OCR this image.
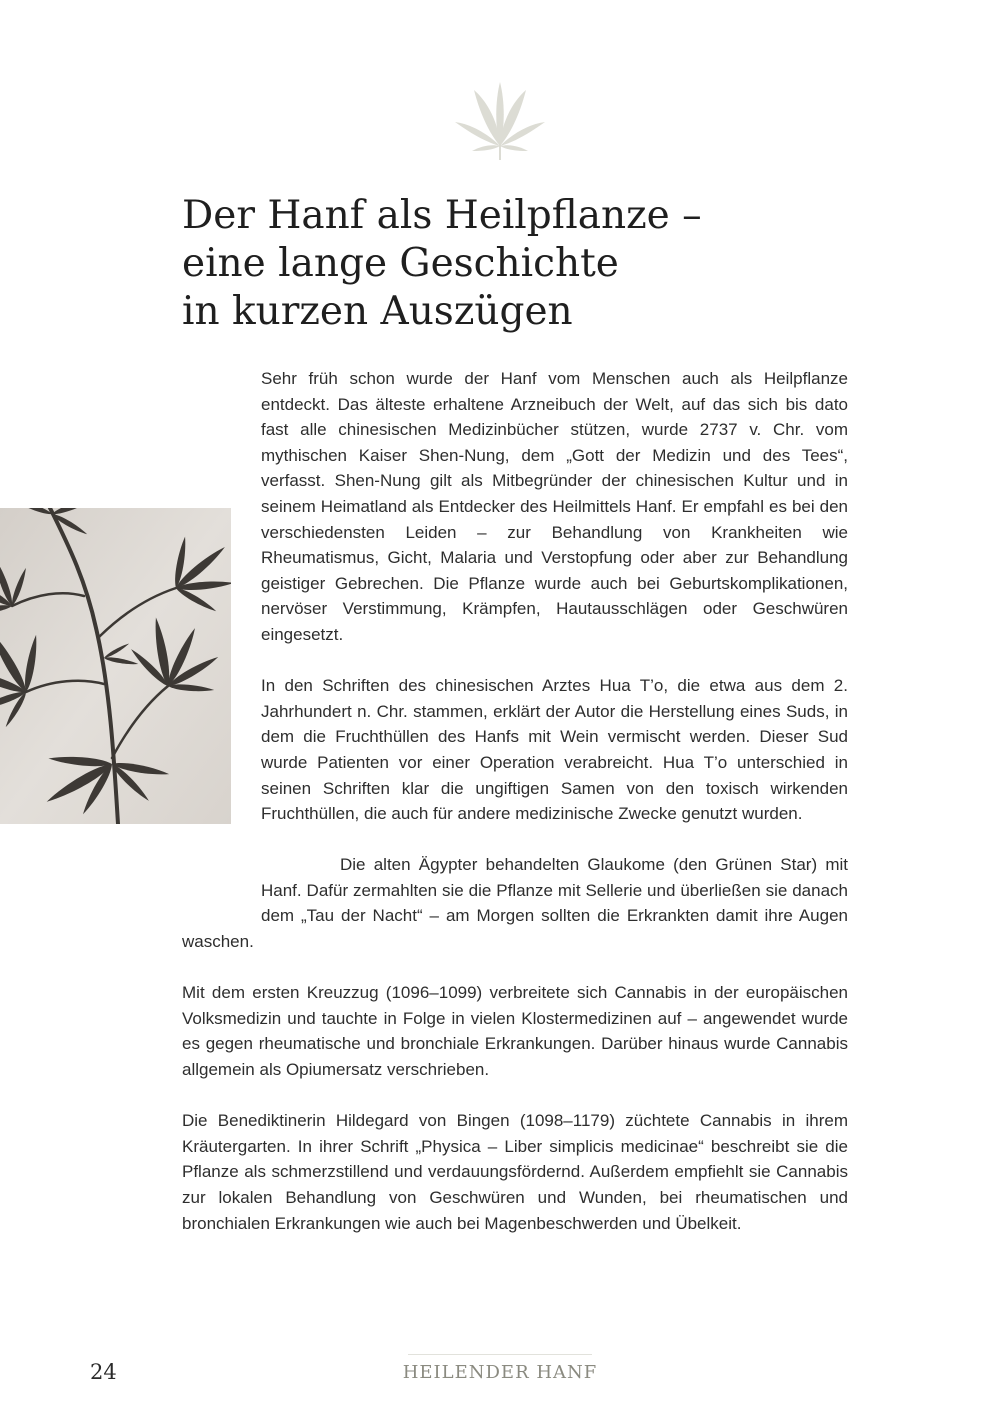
Der Hanf als Heilpflanze –
eine lange Geschichte
in kurzen Auszügen

Sehr früh schon wurde der Hanf vom Menschen auch als Heilpflanze entdeckt. Das älteste erhaltene Arzneibuch der Welt, auf das sich bis dato fast alle chinesischen Medizinbücher stützen, wurde 2737 v. Chr. vom mythischen Kaiser Shen-Nung, dem „Gott der Medizin und des Tees“, verfasst. Shen-Nung gilt als Mitbegründer der chinesischen Kultur und in seinem Heimatland als Entdecker des Heilmittels Hanf. Er empfahl es bei den verschiedensten Leiden – zur Behandlung von Krankheiten wie Rheumatismus, Gicht, Malaria und Verstopfung oder aber zur Behandlung geistiger Gebrechen. Die Pflanze wurde auch bei Geburtskomplikationen, nervöser Verstimmung, Krämpfen, Hautausschlägen oder Geschwüren eingesetzt.

In den Schriften des chinesischen Arztes Hua T’o, die etwa aus dem 2. Jahrhundert n. Chr. stammen, erklärt der Autor die Herstellung eines Suds, in dem die Fruchthüllen des Hanfs mit Wein vermischt werden. Dieser Sud wurde Patienten vor einer Operation verabreicht. Hua T’o unterschied in seinen Schriften klar die ungiftigen Samen von den toxisch wirkenden Fruchthüllen, die auch für andere medizinische Zwecke genutzt wurden.

Die alten Ägypter behandelten Glaukome (den Grünen Star) mit Hanf. Dafür zermahlten sie die Pflanze mit Sellerie und überließen sie danach dem „Tau der Nacht“ – am Morgen sollten die Erkrankten damit ihre Augen waschen.

Mit dem ersten Kreuzzug (1096–1099) verbreitete sich Cannabis in der europäischen Volksmedizin und tauchte in Folge in vielen Klostermedizinen auf – angewendet wurde es gegen rheumatische und bronchiale Erkrankungen. Darüber hinaus wurde Cannabis allgemein als Opiumersatz verschrieben.

Die Benediktinerin Hildegard von Bingen (1098–1179) züchtete Cannabis in ihrem Kräutergarten. In ihrer Schrift „Physica – Liber simplicis medicinae“ beschreibt sie die Pflanze als schmerzstillend und verdauungsfördernd. Außerdem empfiehlt sie Cannabis zur lokalen Behandlung von Geschwüren und Wunden, bei rheumatischen und bronchialen Erkrankungen wie auch bei Magenbeschwerden und Übelkeit.

24	HEILENDER HANF
